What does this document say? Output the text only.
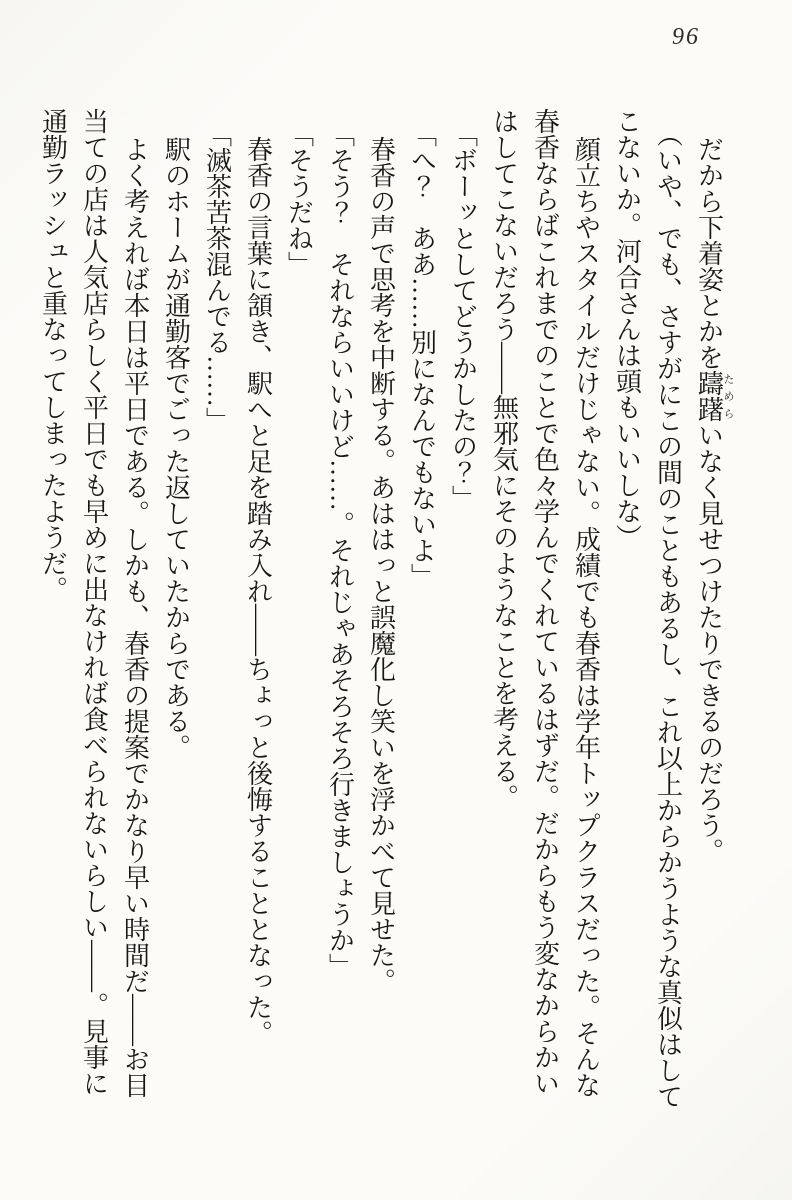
96

だから下着姿とかを躊躇ためらいなく見せつけたりできるのだろう。

（いや、でも、さすがにこの間のこともあるし、これ以上からかうような真似はして

こないか。河合さんは頭もいいしな）

顔立ちやスタイルだけじゃない。成績でも春香は学年トップクラスだった。そんな

春香ならばこれまでのことで色々学んでくれているはずだ。だからもう変なからかい

はしてこないだろう――無邪気にそのようなことを考える。

「ボーッとしてどうかしたの？」

「へ？　ああ……別になんでもないよ」

春香の声で思考を中断する。あははっと誤魔化し笑いを浮かべて見せた。

「そう？　それならいいけど……。それじゃあそろそろ行きましょうか」

「そうだね」

春香の言葉に頷き、駅へと足を踏み入れ――ちょっと後悔することとなった。

「滅茶苦茶混んでる……」

駅のホームが通勤客でごった返していたからである。

よく考えれば本日は平日である。しかも、春香の提案でかなり早い時間だ――お目

当ての店は人気店らしく平日でも早めに出なければ食べられないらしい――。見事に

通勤ラッシュと重なってしまったようだ。
